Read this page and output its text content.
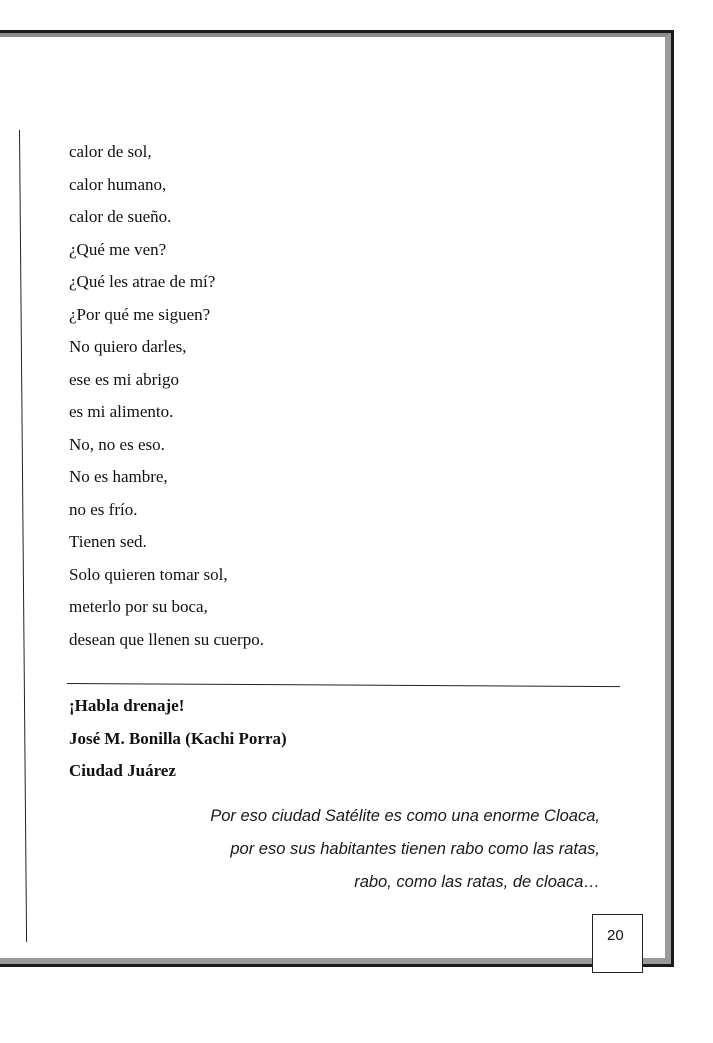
calor de sol,
calor humano,
calor de sueño.
¿Qué me ven?
¿Qué les atrae de mí?
¿Por qué me siguen?
No quiero darles,
ese es mi abrigo
es mi alimento.
No, no es eso.
No es hambre,
no es frío.
Tienen sed.
Solo quieren tomar sol,
meterlo por su boca,
desean que llenen su cuerpo.
¡Habla drenaje!
José M. Bonilla (Kachi Porra)
Ciudad Juárez
Por eso ciudad Satélite es como una enorme Cloaca,
por eso sus habitantes tienen rabo como las ratas,
rabo, como las ratas, de cloaca…
20
